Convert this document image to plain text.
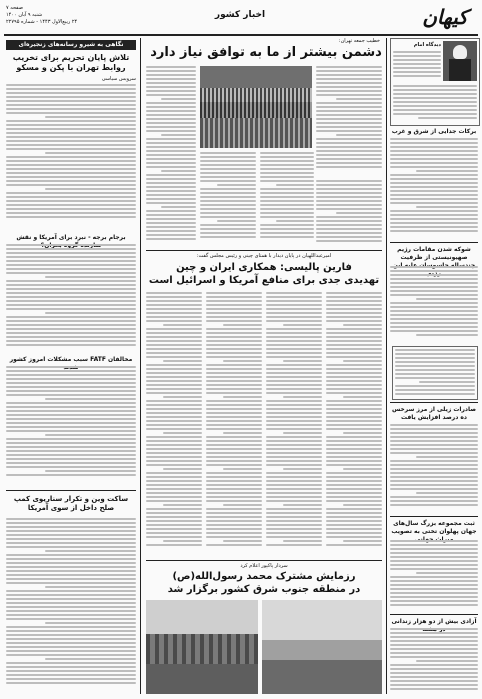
کیهان
اخبار کشور
صفحه ۷
شنبه ۹ آبان ۱۴۰۰
۲۴ ربیع‌الاول ۱۴۴۳ - شماره ۲۲۷۹۵
نگاهی به شیرو رسانه‌های زنجیره‌ای
تلاش پایان تحریم برای تخریب روابط تهران با پکن و مسکو
سرویس سیاسی
برجام برجه - نبرد برای آمریکا و نقش
مخالفان FATF سبب مشکلات امروز کشور
ساکت وین و تکرار سناریوی کمپ صلح داخل از سوی آمریکا
خطیب جمعه تهران:
دشمن بیشتر از ما به توافق نیاز دارد
امیرعبداللهیان در پایان دیدار با همتای چینی و رئیس مجلس گفت:
فارین پالیسی: همکاری ایران و چین
تهدیدی جدی برای منافع آمریکا و اسرائیل است
سردار پاکپور اعلام کرد
رزمایش مشترک محمد رسول‌الله(ص)
در منطقه جنوب شرق کشور برگزار شد
دیدگاه امام
برکات جدایی از شرق و غرب
شوکه شدن مقامات رژیم صهیونیستی از ظرفیت
صادرات زیلی از مرز سرخس ده درصد افزایش یافت
ثبت مجموعه بزرگ سال‌های جهان پهلوان تختی به تصویب
آزادی بیش از دو هزار زندانی
